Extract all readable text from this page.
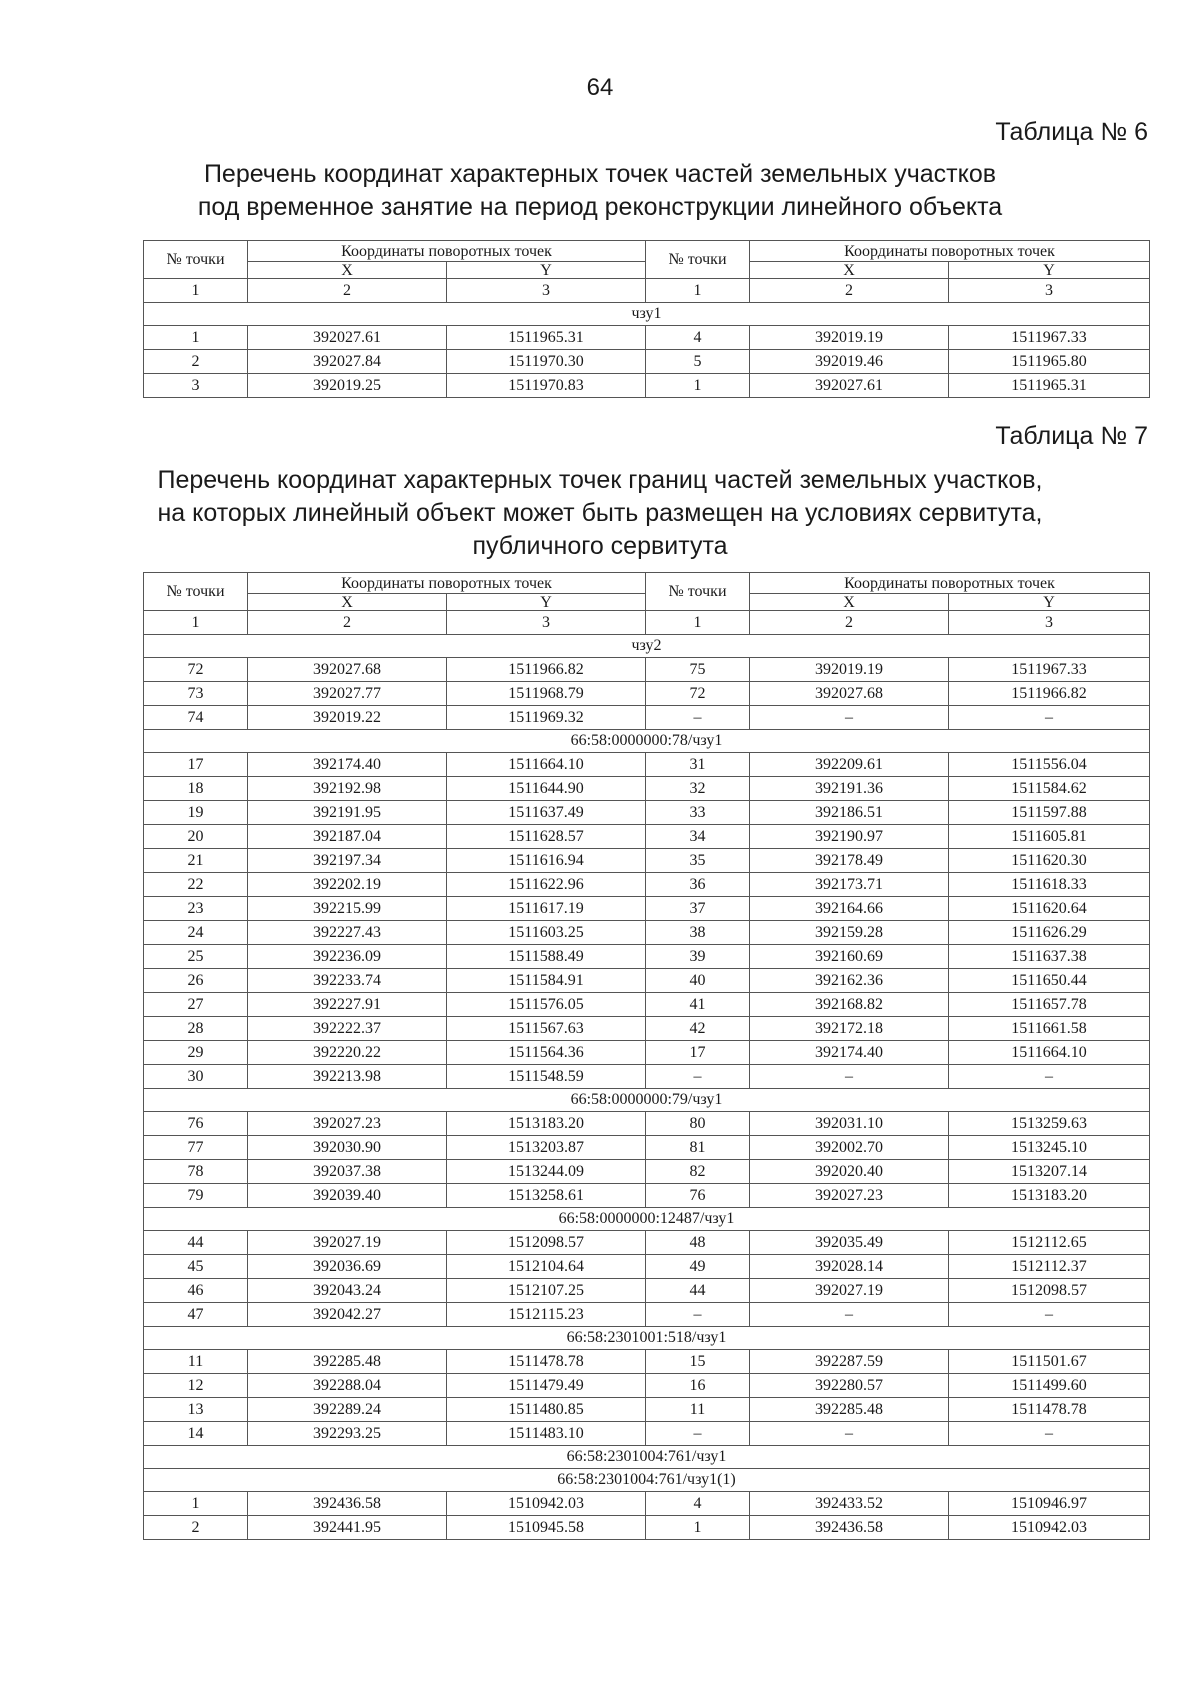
64
Таблица № 6
Перечень координат характерных точек частей земельных участков
под временное занятие на период реконструкции линейного объекта
№ точки	Координаты поворотных точек		№ точки	Координаты поворотных точек	
	X	Y		X	Y
1	2	3	1	2	3
чзу1					
1	392027.61	1511965.31	4	392019.19	1511967.33
2	392027.84	1511970.30	5	392019.46	1511965.80
3	392019.25	1511970.83	1	392027.61	1511965.31
Таблица № 7
Перечень координат характерных точек границ частей земельных участков,
на которых линейный объект может быть размещен на условиях сервитута,
публичного сервитута
№ точки	Координаты поворотных точек		№ точки	Координаты поворотных точек	
	X	Y		X	Y
1	2	3	1	2	3
чзу2					
72	392027.68	1511966.82	75	392019.19	1511967.33
73	392027.77	1511968.79	72	392027.68	1511966.82
74	392019.22	1511969.32	–	–	–
66:58:0000000:78/чзу1					
17	392174.40	1511664.10	31	392209.61	1511556.04
18	392192.98	1511644.90	32	392191.36	1511584.62
19	392191.95	1511637.49	33	392186.51	1511597.88
20	392187.04	1511628.57	34	392190.97	1511605.81
21	392197.34	1511616.94	35	392178.49	1511620.30
22	392202.19	1511622.96	36	392173.71	1511618.33
23	392215.99	1511617.19	37	392164.66	1511620.64
24	392227.43	1511603.25	38	392159.28	1511626.29
25	392236.09	1511588.49	39	392160.69	1511637.38
26	392233.74	1511584.91	40	392162.36	1511650.44
27	392227.91	1511576.05	41	392168.82	1511657.78
28	392222.37	1511567.63	42	392172.18	1511661.58
29	392220.22	1511564.36	17	392174.40	1511664.10
30	392213.98	1511548.59	–	–	–
66:58:0000000:79/чзу1					
76	392027.23	1513183.20	80	392031.10	1513259.63
77	392030.90	1513203.87	81	392002.70	1513245.10
78	392037.38	1513244.09	82	392020.40	1513207.14
79	392039.40	1513258.61	76	392027.23	1513183.20
66:58:0000000:12487/чзу1					
44	392027.19	1512098.57	48	392035.49	1512112.65
45	392036.69	1512104.64	49	392028.14	1512112.37
46	392043.24	1512107.25	44	392027.19	1512098.57
47	392042.27	1512115.23	–	–	–
66:58:2301001:518/чзу1					
11	392285.48	1511478.78	15	392287.59	1511501.67
12	392288.04	1511479.49	16	392280.57	1511499.60
13	392289.24	1511480.85	11	392285.48	1511478.78
14	392293.25	1511483.10	–	–	–
66:58:2301004:761/чзу1					
66:58:2301004:761/чзу1(1)					
1	392436.58	1510942.03	4	392433.52	1510946.97
2	392441.95	1510945.58	1	392436.58	1510942.03
